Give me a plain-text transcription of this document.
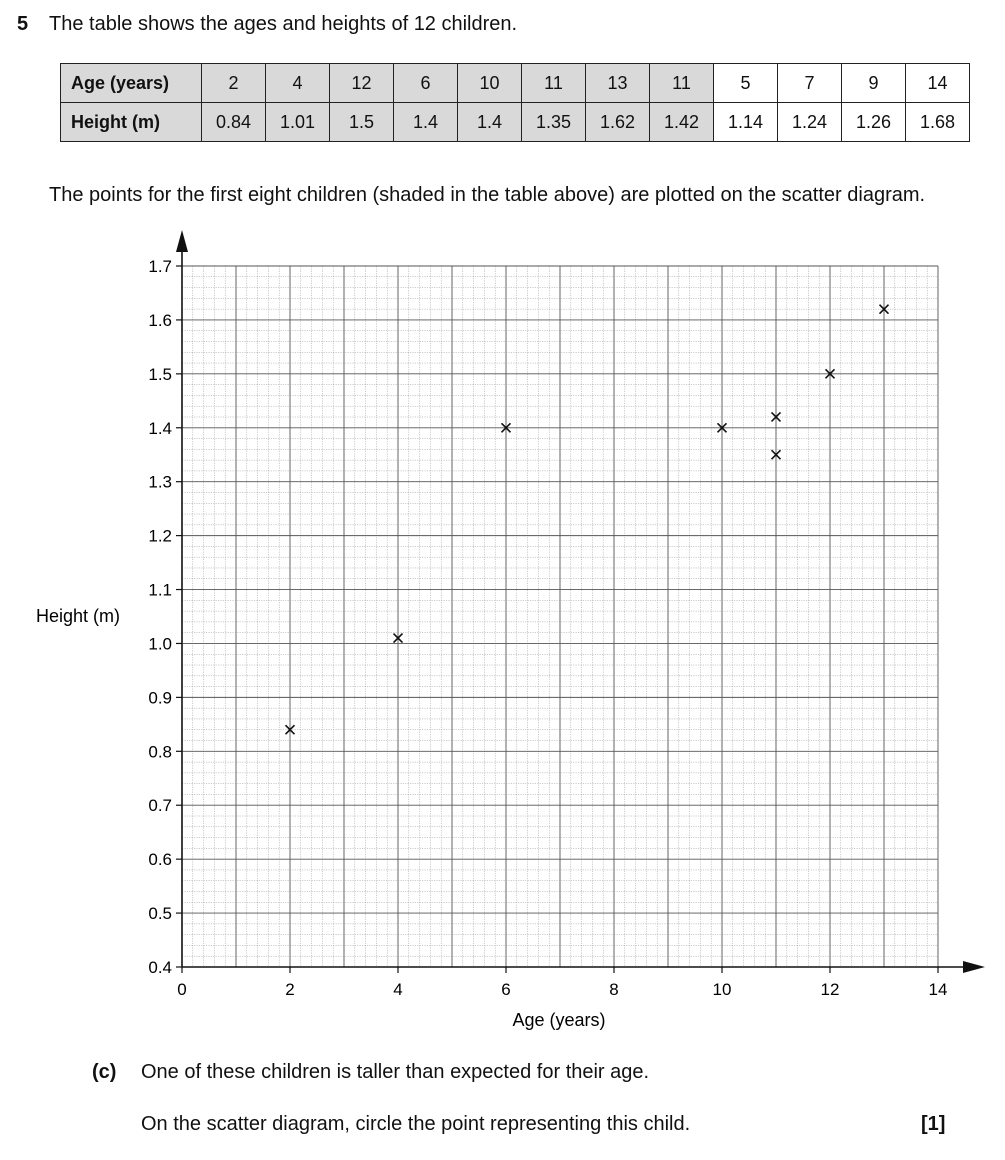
5 The table shows the ages and heights of 12 children.
Age (years)	2	4	12	6	10	11	13	11	5	7	9	14
Height (m)	0.84	1.01	1.5	1.4	1.4	1.35	1.62	1.42	1.14	1.24	1.26	1.68
The points for the first eight children (shaded in the table above) are plotted on the scatter diagram.
0	2	4	6	8	10	12	14
0.4
0.5
0.6
0.7
0.8
0.9
1.0
1.1
1.2
1.3
1.4
1.5
1.6
1.7
Age (years)
Height (m)
(c) One of these children is taller than expected for their age.
On the scatter diagram, circle the point representing this child.	[1]
